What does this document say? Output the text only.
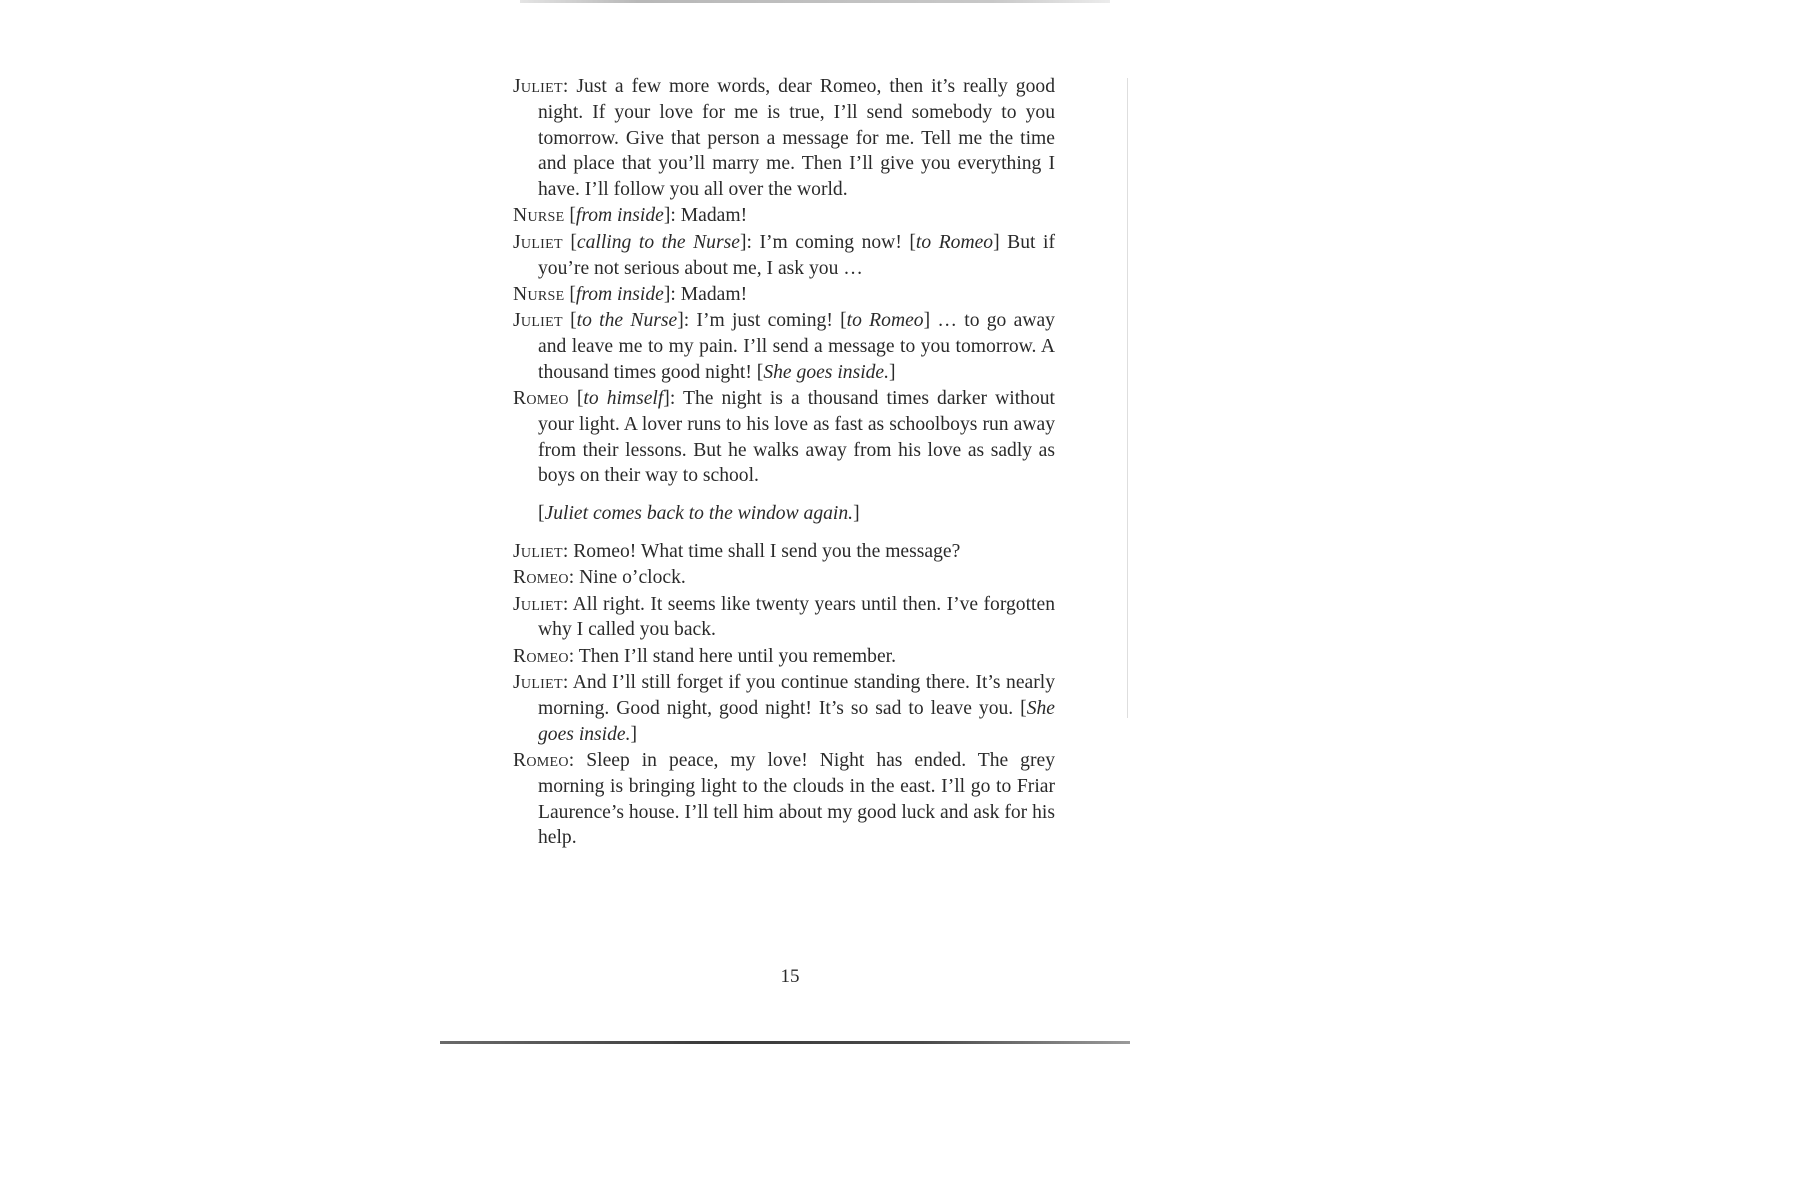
Juliet: Just a few more words, dear Romeo, then it’s really good night. If your love for me is true, I’ll send somebody to you tomorrow. Give that person a message for me. Tell me the time and place that you’ll marry me. Then I’ll give you everything I have. I’ll follow you all over the world.

Nurse [from inside]: Madam!

Juliet [calling to the Nurse]: I’m coming now! [to Romeo] But if you’re not serious about me, I ask you …

Nurse [from inside]: Madam!

Juliet [to the Nurse]: I’m just coming! [to Romeo] … to go away and leave me to my pain. I’ll send a message to you tomorrow. A thousand times good night! [She goes inside.]

Romeo [to himself]: The night is a thousand times darker without your light. A lover runs to his love as fast as schoolboys run away from their lessons. But he walks away from his love as sadly as boys on their way to school.

[Juliet comes back to the window again.]

Juliet: Romeo! What time shall I send you the message?

Romeo: Nine o’clock.

Juliet: All right. It seems like twenty years until then. I’ve forgotten why I called you back.

Romeo: Then I’ll stand here until you remember.

Juliet: And I’ll still forget if you continue standing there. It’s nearly morning. Good night, good night! It’s so sad to leave you. [She goes inside.]

Romeo: Sleep in peace, my love! Night has ended. The grey morning is bringing light to the clouds in the east. I’ll go to Friar Laurence’s house. I’ll tell him about my good luck and ask for his help.

15
